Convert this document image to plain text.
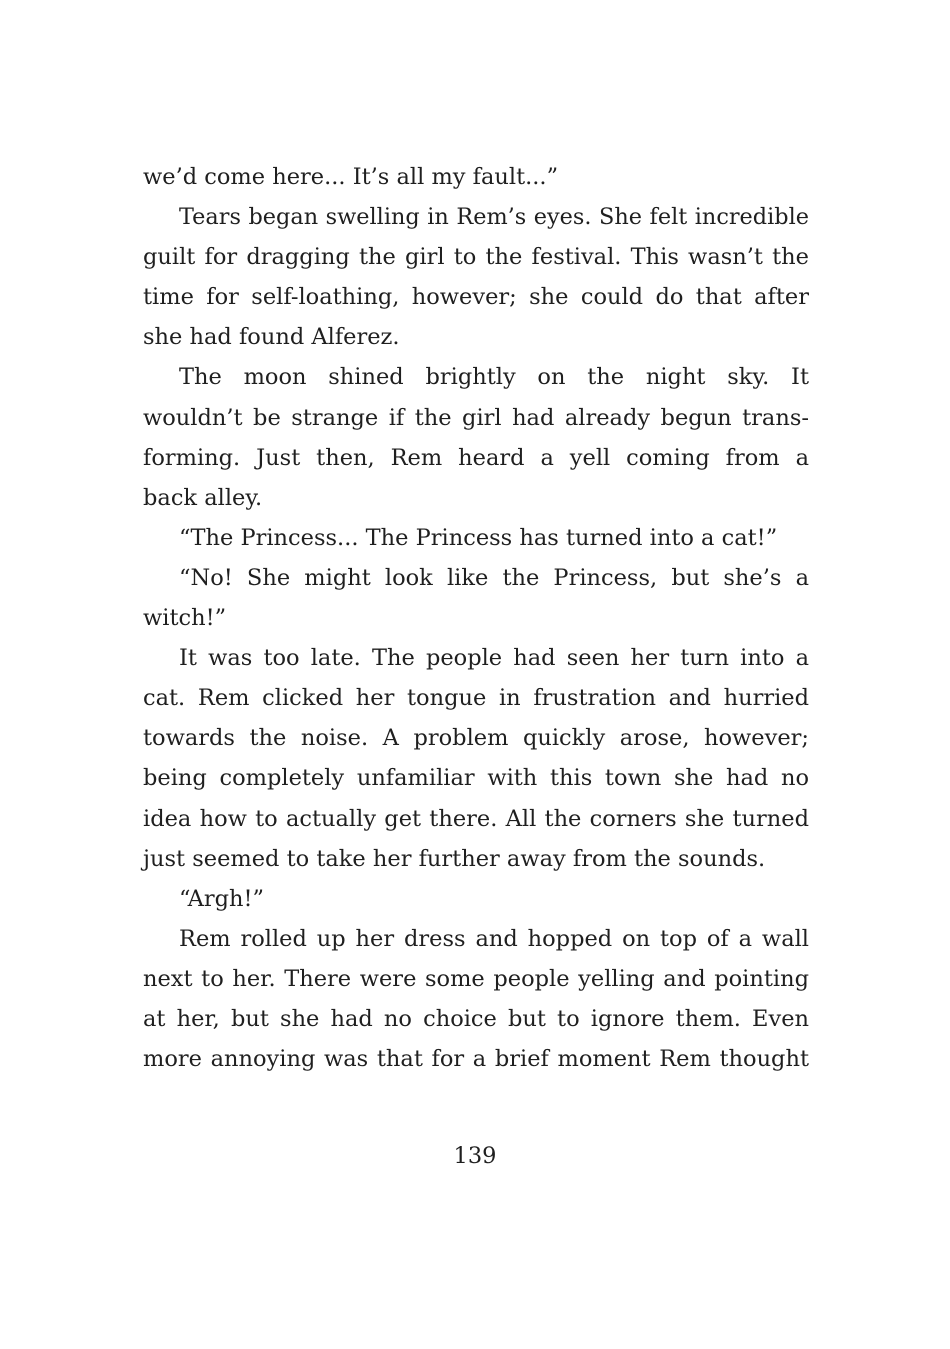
we’d come here... It’s all my fault...”
Tears began swelling in Rem’s eyes. She felt incredible
guilt for dragging the girl to the festival. This wasn’t the
time for self-loathing, however; she could do that after
she had found Alferez.
The moon shined brightly on the night sky. It
wouldn’t be strange if the girl had already begun trans-
forming. Just then, Rem heard a yell coming from a
back alley.
“The Princess... The Princess has turned into a cat!”
“No! She might look like the Princess, but she’s a
witch!”
It was too late. The people had seen her turn into a
cat. Rem clicked her tongue in frustration and hurried
towards the noise. A problem quickly arose, however;
being completely unfamiliar with this town she had no
idea how to actually get there. All the corners she turned
just seemed to take her further away from the sounds.
“Argh!”
Rem rolled up her dress and hopped on top of a wall
next to her. There were some people yelling and pointing
at her, but she had no choice but to ignore them. Even
more annoying was that for a brief moment Rem thought
139
